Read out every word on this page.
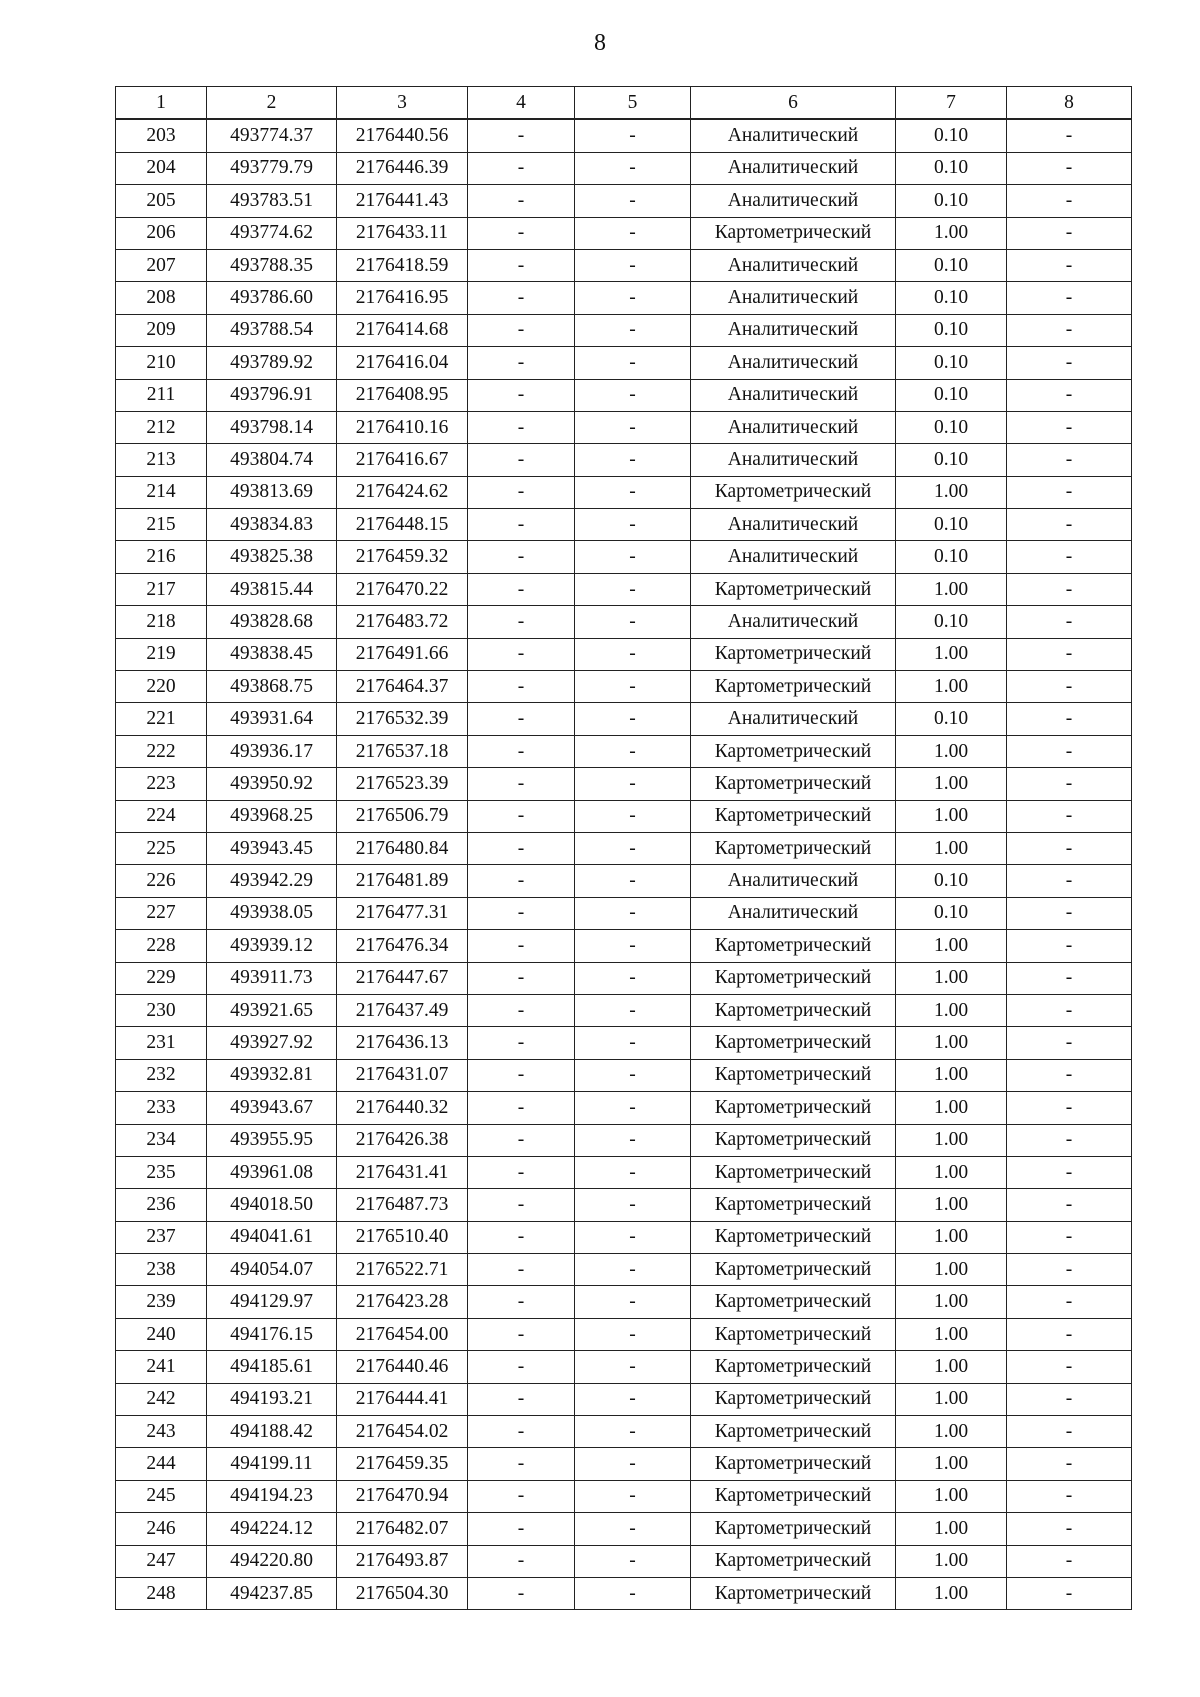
8
1	2	3	4	5	6	7	8
203	493774.37	2176440.56	-	-	Аналитический	0.10	-
204	493779.79	2176446.39	-	-	Аналитический	0.10	-
205	493783.51	2176441.43	-	-	Аналитический	0.10	-
206	493774.62	2176433.11	-	-	Картометрический	1.00	-
207	493788.35	2176418.59	-	-	Аналитический	0.10	-
208	493786.60	2176416.95	-	-	Аналитический	0.10	-
209	493788.54	2176414.68	-	-	Аналитический	0.10	-
210	493789.92	2176416.04	-	-	Аналитический	0.10	-
211	493796.91	2176408.95	-	-	Аналитический	0.10	-
212	493798.14	2176410.16	-	-	Аналитический	0.10	-
213	493804.74	2176416.67	-	-	Аналитический	0.10	-
214	493813.69	2176424.62	-	-	Картометрический	1.00	-
215	493834.83	2176448.15	-	-	Аналитический	0.10	-
216	493825.38	2176459.32	-	-	Аналитический	0.10	-
217	493815.44	2176470.22	-	-	Картометрический	1.00	-
218	493828.68	2176483.72	-	-	Аналитический	0.10	-
219	493838.45	2176491.66	-	-	Картометрический	1.00	-
220	493868.75	2176464.37	-	-	Картометрический	1.00	-
221	493931.64	2176532.39	-	-	Аналитический	0.10	-
222	493936.17	2176537.18	-	-	Картометрический	1.00	-
223	493950.92	2176523.39	-	-	Картометрический	1.00	-
224	493968.25	2176506.79	-	-	Картометрический	1.00	-
225	493943.45	2176480.84	-	-	Картометрический	1.00	-
226	493942.29	2176481.89	-	-	Аналитический	0.10	-
227	493938.05	2176477.31	-	-	Аналитический	0.10	-
228	493939.12	2176476.34	-	-	Картометрический	1.00	-
229	493911.73	2176447.67	-	-	Картометрический	1.00	-
230	493921.65	2176437.49	-	-	Картометрический	1.00	-
231	493927.92	2176436.13	-	-	Картометрический	1.00	-
232	493932.81	2176431.07	-	-	Картометрический	1.00	-
233	493943.67	2176440.32	-	-	Картометрический	1.00	-
234	493955.95	2176426.38	-	-	Картометрический	1.00	-
235	493961.08	2176431.41	-	-	Картометрический	1.00	-
236	494018.50	2176487.73	-	-	Картометрический	1.00	-
237	494041.61	2176510.40	-	-	Картометрический	1.00	-
238	494054.07	2176522.71	-	-	Картометрический	1.00	-
239	494129.97	2176423.28	-	-	Картометрический	1.00	-
240	494176.15	2176454.00	-	-	Картометрический	1.00	-
241	494185.61	2176440.46	-	-	Картометрический	1.00	-
242	494193.21	2176444.41	-	-	Картометрический	1.00	-
243	494188.42	2176454.02	-	-	Картометрический	1.00	-
244	494199.11	2176459.35	-	-	Картометрический	1.00	-
245	494194.23	2176470.94	-	-	Картометрический	1.00	-
246	494224.12	2176482.07	-	-	Картометрический	1.00	-
247	494220.80	2176493.87	-	-	Картометрический	1.00	-
248	494237.85	2176504.30	-	-	Картометрический	1.00	-
